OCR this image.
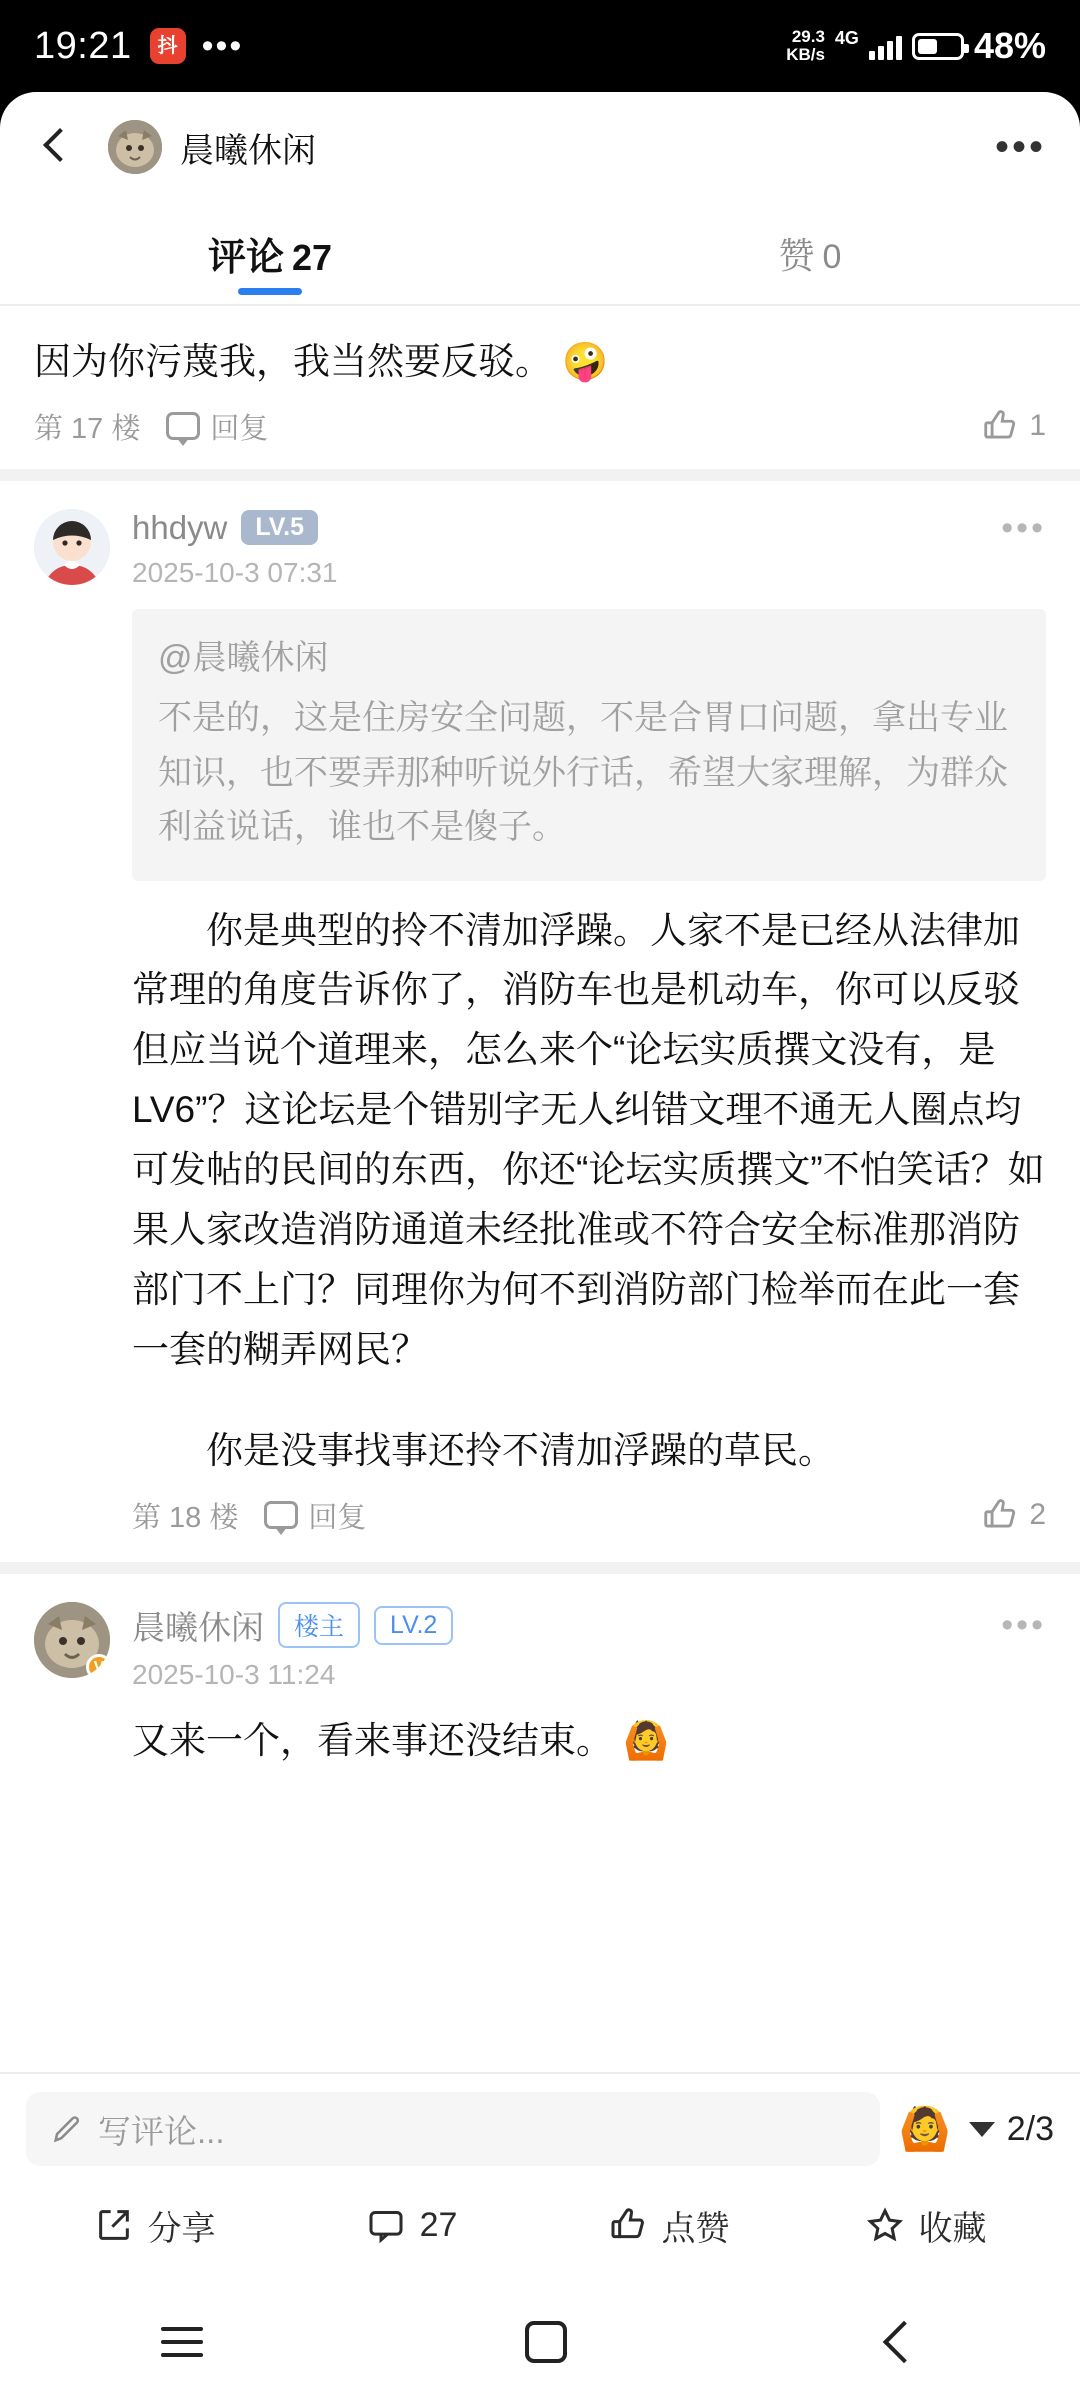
19:21	抖 •••	29.3
KB/s
4G	48%
晨曦休闲	•••
评论 27	赞 0
因为你污蔑我，我当然要反驳。 🤪
第 17 楼 回复	1
hhdyw	LV.5	•••
2025-10-3 07:31
@晨曦休闲
不是的，这是住房安全问题，不是合胃口问题，拿出专业知识，也不要弄那种听说外行话，希望大家理解，为群众利益说话，谁也不是傻子。

你是典型的拎不清加浮躁。人家不是已经从法律加常理的角度告诉你了，消防车也是机动车，你可以反驳但应当说个道理来，怎么来个“论坛实质撰文没有，是LV6”？这论坛是个错别字无人纠错文理不通无人圈点均可发帖的民间的东西，你还“论坛实质撰文”不怕笑话？如果人家改造消防通道未经批准或不符合安全标准那消防部门不上门？同理你为何不到消防部门检举而在此一套一套的糊弄网民？

你是没事找事还拎不清加浮躁的草民。

第 18 楼 回复	2
V
晨曦休闲	楼主	LV.2	•••
2025-10-3 11:24
又来一个，看来事还没结束。 🙆
写评论...	🙆 2/3
分享	27	点赞	收藏
